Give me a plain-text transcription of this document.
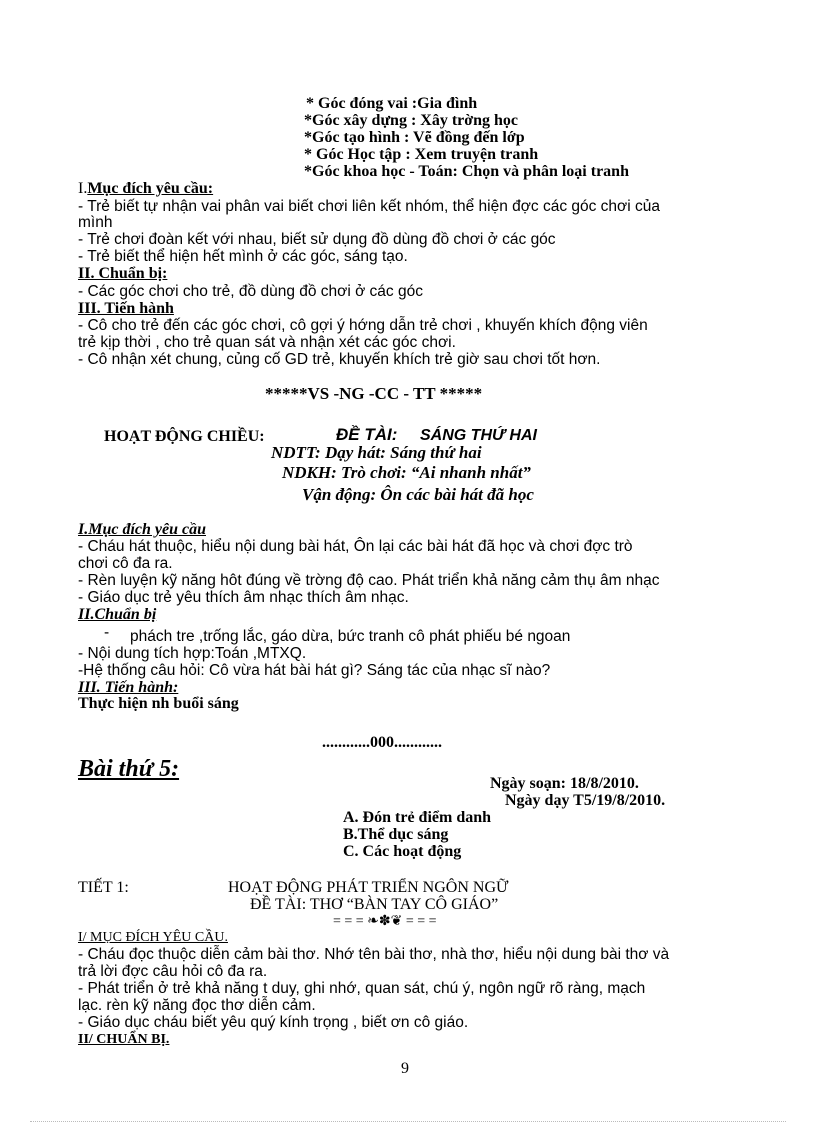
* Góc đóng vai :Gia đình
*Góc xây dựng : Xây trờng học
*Góc tạo hình : Vẽ đồng đến lớp
* Góc Học tập : Xem truyện tranh
*Góc khoa học - Toán: Chọn và phân loại tranh
I.Mục đích yêu cầu:
- Trẻ biết tự nhận vai phân vai biết chơi liên kết nhóm, thể hiện đợc các góc chơi của
mình
- Trẻ chơi đoàn kết với nhau, biết sử dụng đồ dùng đồ chơi ở các góc
- Trẻ biết thể hiện hết mình ở các góc, sáng tạo.
II. Chuẩn bị:
- Các góc chơi cho trẻ, đồ dùng đồ chơi ở các góc
III. Tiến hành
- Cô cho trẻ đến các góc chơi, cô gợi ý hớng dẫn trẻ chơi , khuyến khích động viên
trẻ kịp thời , cho trẻ quan sát và nhận xét các góc chơi.
- Cô nhận xét chung, củng cố GD trẻ, khuyến khích trẻ giờ sau chơi tốt hơn.
*****VS -NG -CC - TT *****
HOẠT ĐỘNG CHIỀU:	ĐỀ TÀI: SÁNG THỨ HAI
NDTT: Dạy hát: Sáng thứ hai
NDKH: Trò chơi: “Ai nhanh nhất”
Vận động: Ôn các bài hát đã học
I.Mục đích yêu cầu
- Cháu hát thuộc, hiểu nội dung bài hát, Ôn lại các bài hát đã học và chơi đợc trò
chơi cô đa ra.
- Rèn luyện kỹ năng hôt đúng về trờng độ cao. Phát triển khả năng cảm thụ âm nhạc
- Giáo dục trẻ yêu thích âm nhạc thích âm nhạc.
II.Chuẩn bị
- phách tre ,trống lắc, gáo dừa, bức tranh cô phát phiếu bé ngoan
- Nội dung tích hợp:Toán ,MTXQ.
-Hệ thống câu hỏi: Cô vừa hát bài hát gì? Sáng tác của nhạc sĩ nào?
III. Tiến hành:
Thực hiện nh buổi sáng
............000............
Bài thứ 5:
Ngày soạn: 18/8/2010.
Ngày dạy T5/19/8/2010.
A. Đón trẻ điểm danh
B.Thể dục sáng
C. Các hoạt động
TIẾT 1:	HOẠT ĐỘNG PHÁT TRIỂN NGÔN NGỮ
ĐỀ TÀI: THƠ “BÀN TAY CÔ GIÁO”
= = = ❧✽❦ = = =
I/ MỤC ĐÍCH YÊU CẦU.
- Cháu đọc thuộc diễn cảm bài thơ. Nhớ tên bài thơ, nhà thơ, hiểu nội dung bài thơ và
trả lời đợc câu hỏi cô đa ra.
- Phát triển ở trẻ khả năng t duy, ghi nhớ, quan sát, chú ý, ngôn ngữ rõ ràng, mạch
lạc. rèn kỹ năng đọc thơ diễn cảm.
- Giáo dục cháu biết yêu quý kính trọng , biết ơn cô giáo.
II/ CHUẨN BỊ.
9
